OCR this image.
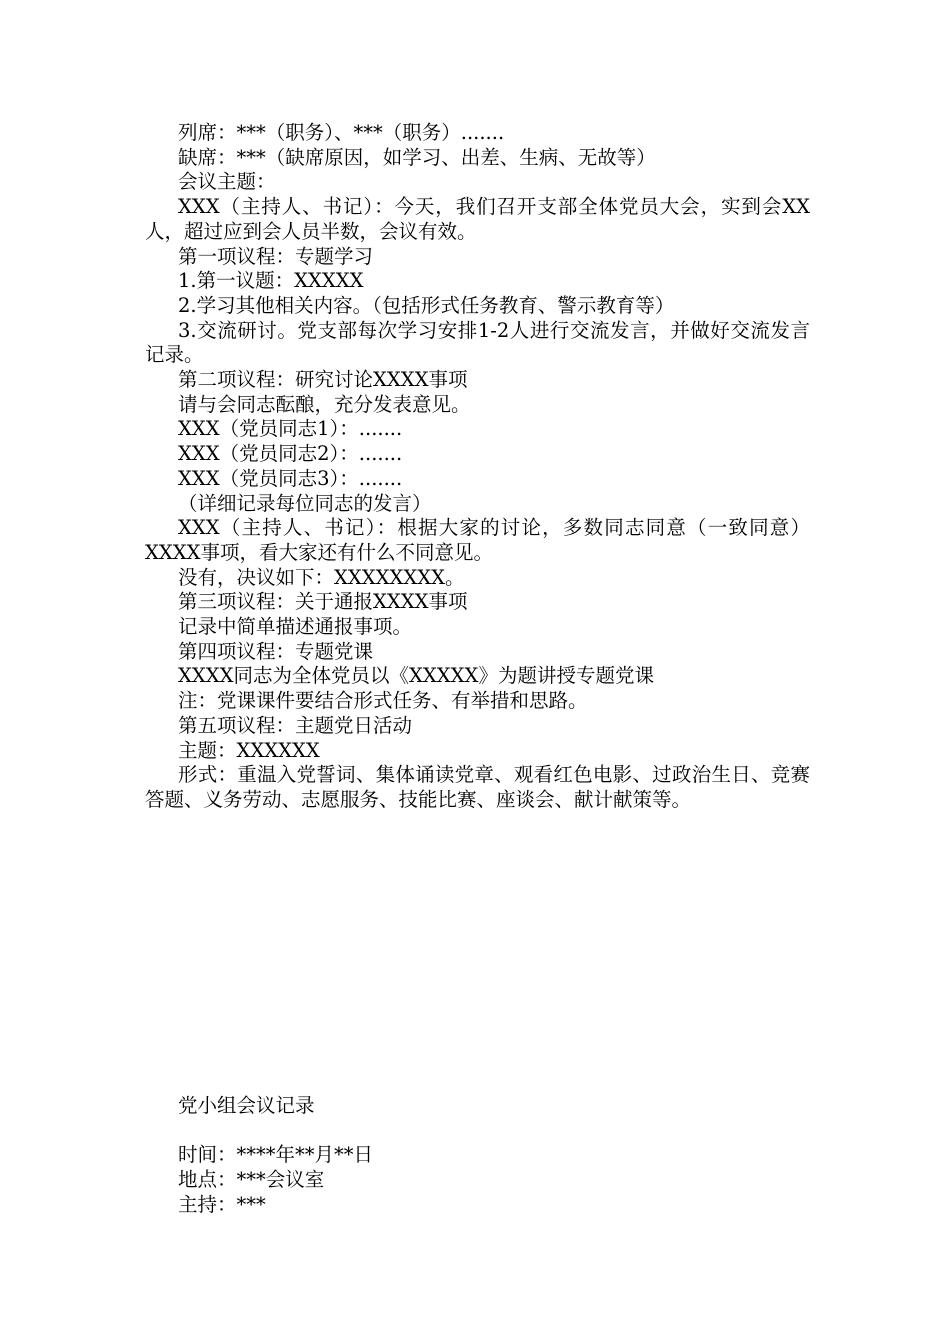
列席：***（职务）、***（职务）.......

缺席：***（缺席原因，如学习、出差、生病、无故等）

会议主题：

XXX（主持人、书记）：今天，我们召开支部全体党员大会，实到会XX人，超过应到会人员半数，会议有效。

第一项议程：专题学习

1.第一议题：XXXXX

2.学习其他相关内容。（包括形式任务教育、警示教育等）

3.交流研讨。党支部每次学习安排1-2人进行交流发言，并做好交流发言记录。

第二项议程：研究讨论XXXX事项

请与会同志酝酿，充分发表意见。

XXX（党员同志1）：.......

XXX（党员同志2）：.......

XXX（党员同志3）：.......

（详细记录每位同志的发言）

XXX（主持人、书记）：根据大家的讨论，多数同志同意（一致同意）XXXX事项，看大家还有什么不同意见。

没有，决议如下：XXXXXXXX。

第三项议程：关于通报XXXX事项

记录中简单描述通报事项。

第四项议程：专题党课

XXXX同志为全体党员以《XXXXX》为题讲授专题党课

注：党课课件要结合形式任务、有举措和思路。

第五项议程：主题党日活动

主题：XXXXXX

形式：重温入党誓词、集体诵读党章、观看红色电影、过政治生日、竞赛答题、义务劳动、志愿服务、技能比赛、座谈会、献计献策等。

党小组会议记录

时间：****年**月**日

地点：***会议室

主持：***
